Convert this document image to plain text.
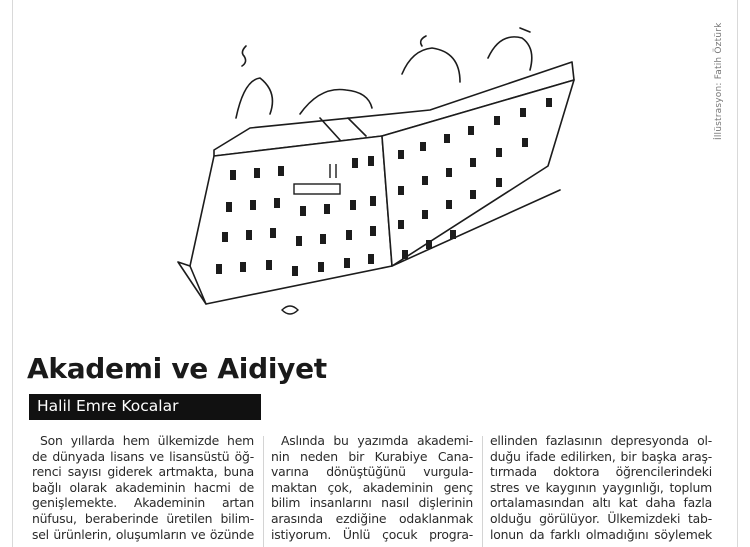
İllüstrasyon: Fatih Öztürk
Akademi ve Aidiyet
Halil Emre Kocalar
Son yıllarda hem ülkemizde hem
de dünyada lisans ve lisansüstü öğ-
renci sayısı giderek artmakta, buna
bağlı olarak akademinin hacmi de
genişlemekte. Akademinin artan
nüfusu, beraberinde üretilen bilim-
sel ürünlerin, oluşumların ve özünde
Aslında bu yazımda akademi-
nin neden bir Kurabiye Cana-
varına dönüştüğünü vurgula-
maktan çok, akademinin genç
bilim insanlarını nasıl dişlerinin
arasında ezdiğine odaklanmak
istiyorum. Ünlü çocuk progra-
ellinden fazlasının depresyonda ol-
duğu ifade edilirken, bir başka araş-
tırmada doktora öğrencilerindeki
stres ve kaygının yaygınlığı, toplum
ortalamasından altı kat daha fazla
olduğu görülüyor. Ülkemizdeki tab-
lonun da farklı olmadığını söylemek
